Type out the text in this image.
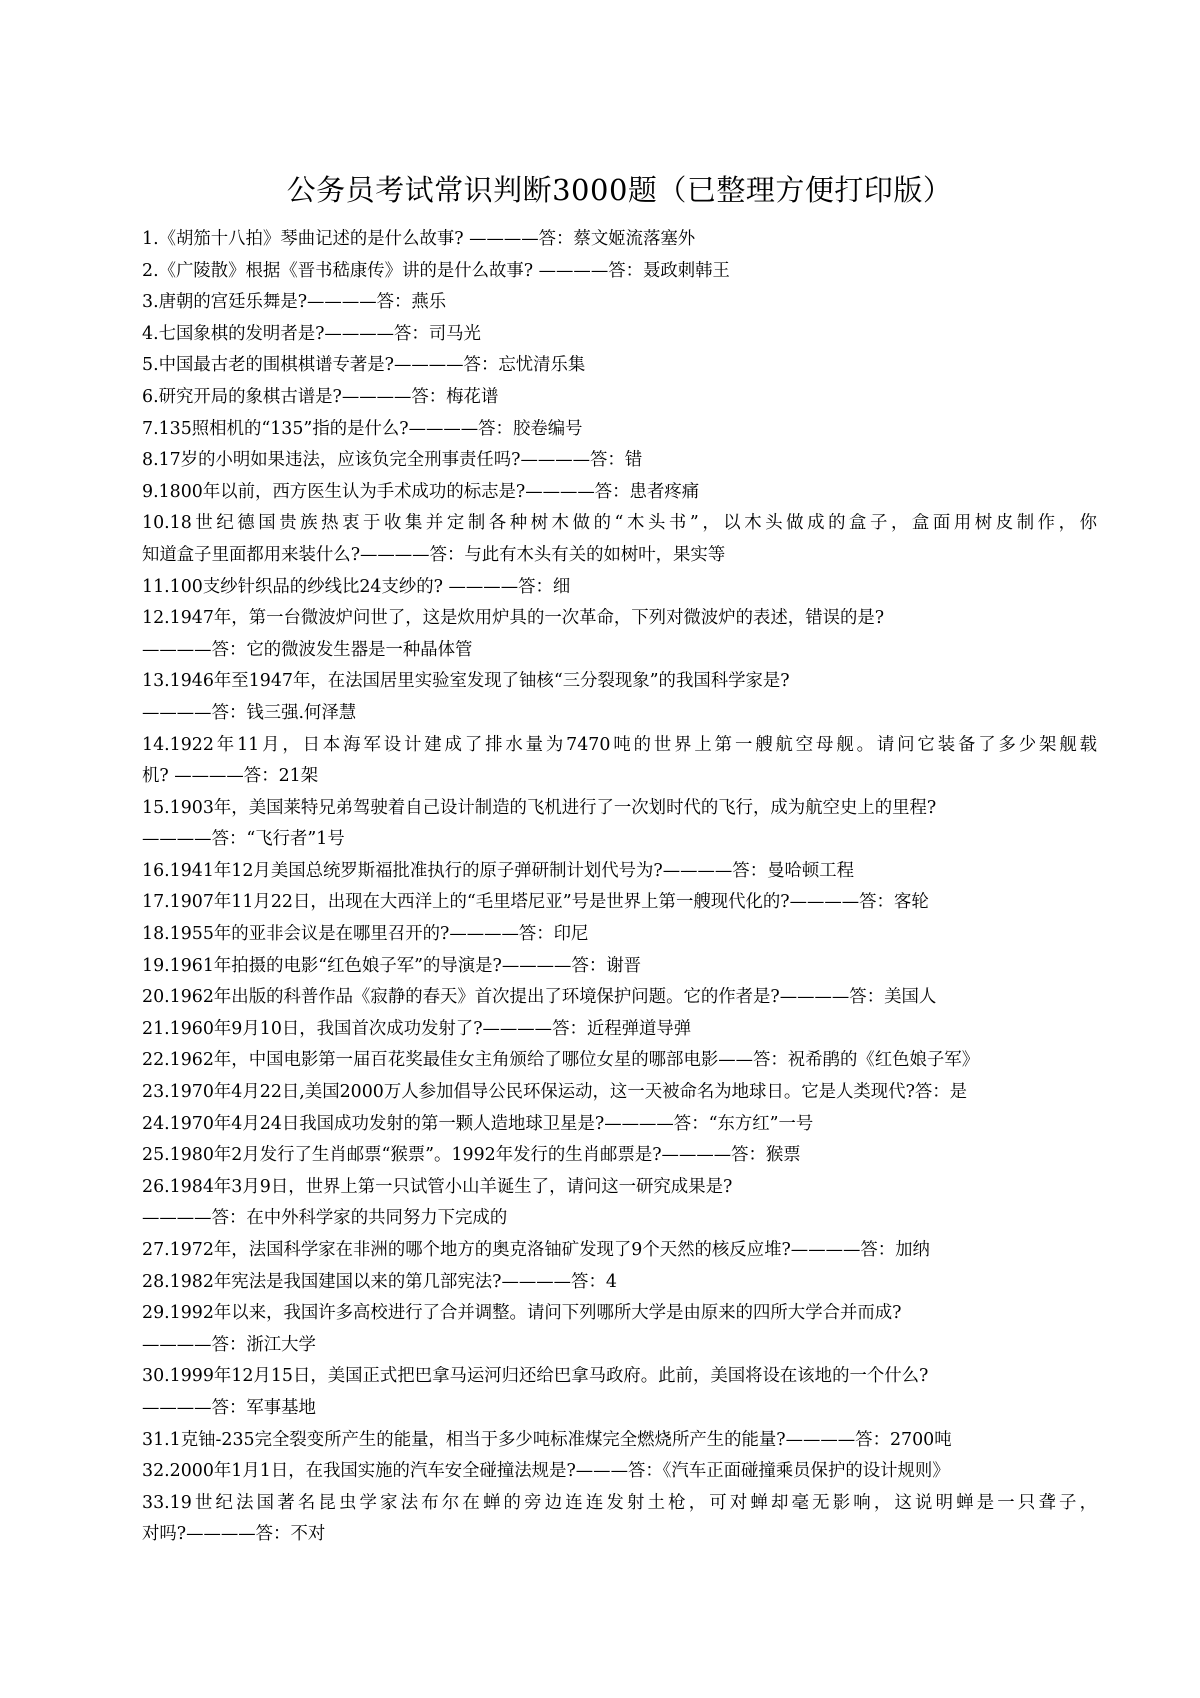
公务员考试常识判断3000题（已整理方便打印版）
1.《胡笳十八拍》琴曲记述的是什么故事? ————答：蔡文姬流落塞外
2.《广陵散》根据《晋书嵇康传》讲的是什么故事? ————答：聂政刺韩王
3.唐朝的宫廷乐舞是?————答：燕乐
4.七国象棋的发明者是?————答：司马光
5.中国最古老的围棋棋谱专著是?————答：忘忧清乐集
6.研究开局的象棋古谱是?————答：梅花谱
7.135照相机的“135”指的是什么?————答：胶卷编号
8.17岁的小明如果违法，应该负完全刑事责任吗?————答：错
9.1800年以前，西方医生认为手术成功的标志是?————答：患者疼痛
10.18世纪德国贵族热衷于收集并定制各种树木做的“木头书”，以木头做成的盒子，盒面用树皮制作，你
知道盒子里面都用来装什么?————答：与此有木头有关的如树叶，果实等
11.100支纱针织品的纱线比24支纱的? ————答：细
12.1947年，第一台微波炉问世了，这是炊用炉具的一次革命，下列对微波炉的表述，错误的是?
————答：它的微波发生器是一种晶体管
13.1946年至1947年，在法国居里实验室发现了铀核“三分裂现象”的我国科学家是?
————答：钱三强.何泽慧
14.1922年11月，日本海军设计建成了排水量为7470吨的世界上第一艘航空母舰。请问它装备了多少架舰载
机? ————答：21架
15.1903年，美国莱特兄弟驾驶着自己设计制造的飞机进行了一次划时代的飞行，成为航空史上的里程?
————答：“飞行者”1号
16.1941年12月美国总统罗斯福批准执行的原子弹研制计划代号为?————答：曼哈顿工程
17.1907年11月22日，出现在大西洋上的“毛里塔尼亚”号是世界上第一艘现代化的?————答：客轮
18.1955年的亚非会议是在哪里召开的?————答：印尼
19.1961年拍摄的电影“红色娘子军”的导演是?————答：谢晋
20.1962年出版的科普作品《寂静的春天》首次提出了环境保护问题。它的作者是?————答：美国人
21.1960年9月10日，我国首次成功发射了?————答：近程弹道导弹
22.1962年，中国电影第一届百花奖最佳女主角颁给了哪位女星的哪部电影——答：祝希鹃的《红色娘子军》
23.1970年4月22日,美国2000万人参加倡导公民环保运动，这一天被命名为地球日。它是人类现代?答：是
24.1970年4月24日我国成功发射的第一颗人造地球卫星是?————答：“东方红”一号
25.1980年2月发行了生肖邮票“猴票”。1992年发行的生肖邮票是?————答：猴票
26.1984年3月9日，世界上第一只试管小山羊诞生了，请问这一研究成果是?
————答：在中外科学家的共同努力下完成的
27.1972年，法国科学家在非洲的哪个地方的奥克洛铀矿发现了9个天然的核反应堆?————答：加纳
28.1982年宪法是我国建国以来的第几部宪法?————答：4
29.1992年以来，我国许多高校进行了合并调整。请问下列哪所大学是由原来的四所大学合并而成?
————答：浙江大学
30.1999年12月15日，美国正式把巴拿马运河归还给巴拿马政府。此前，美国将设在该地的一个什么?
————答：军事基地
31.1克铀-235完全裂变所产生的能量，相当于多少吨标准煤完全燃烧所产生的能量?————答：2700吨
32.2000年1月1日，在我国实施的汽车安全碰撞法规是?———答：《汽车正面碰撞乘员保护的设计规则》
33.19世纪法国著名昆虫学家法布尔在蝉的旁边连连发射土枪，可对蝉却毫无影响，这说明蝉是一只聋子，
对吗?————答：不对
